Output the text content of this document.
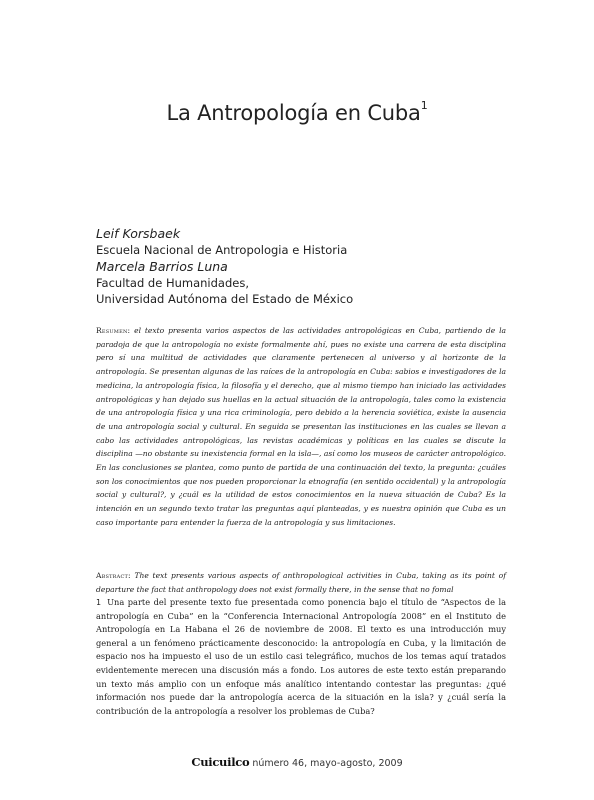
La Antropología en Cuba$^1$
Leif Korsbaek
Escuela Nacional de Antropologia e Historia
Marcela Barrios Luna
Facultad de Humanidades,
Universidad Autónoma del Estado de México

Resumen: el texto presenta varios aspectos de las actividades antropológicas en Cuba, partiendo de la paradoja de que la antropología no existe formalmente ahí, pues no existe una carrera de esta disciplina pero sí una multitud de actividades que claramente pertenecen al universo y al horizonte de la antropología. Se presentan algunas de las raíces de la antropología en Cuba: sabios e investigadores de la medicina, la antropología física, la filosofía y el derecho, que al mismo tiempo han iniciado las actividades antropológicas y han dejado sus huellas en la actual situación de la antropología, tales como la existencia de una antropología física y una rica criminología, pero debido a la herencia soviética, existe la ausencia de una antropología social y cultural. En seguida se presentan las instituciones en las cuales se llevan a cabo las actividades antropológicas, las revistas académicas y políticas en las cuales se discute la disciplina —no obstante su inexistencia formal en la isla—, así como los museos de carácter antropológico. En las conclusiones se plantea, como punto de partida de una continuación del texto, la pregunta: ¿cuáles son los conocimientos que nos pueden proporcionar la etnografía (en sentido occidental) y la antropología social y cultural?, y ¿cuál es la utilidad de estos conocimientos en la nueva situación de Cuba? Es la intención en un segundo texto tratar las preguntas aquí planteadas, y es nuestra opinión que Cuba es un caso importante para entender la fuerza de la antropología y sus limitaciones.

Abstract: The text presents various aspects of anthropological activities in Cuba, taking as its point of departure the fact that anthropology does not exist formally there, in the sense that no fomal

1 Una parte del presente texto fue presentada como ponencia bajo el título de “Aspectos de la antropología en Cuba” en la “Conferencia Internacional Antropología 2008” en el Instituto de Antropología en La Habana el 26 de noviembre de 2008. El texto es una introducción muy general a un fenómeno prácticamente desconocido: la antropología en Cuba, y la limitación de espacio nos ha impuesto el uso de un estilo casi telegráfico, muchos de los temas aquí tratados evidentemente merecen una discusión más a fondo. Los autores de este texto están preparando un texto más amplio con un enfoque más analítico intentando contestar las preguntas: ¿qué información nos puede dar la antropología acerca de la situación en la isla? y ¿cuál sería la contribución de la antropología a resolver los problemas de Cuba?
Cuicuilco número 46, mayo-agosto, 2009
